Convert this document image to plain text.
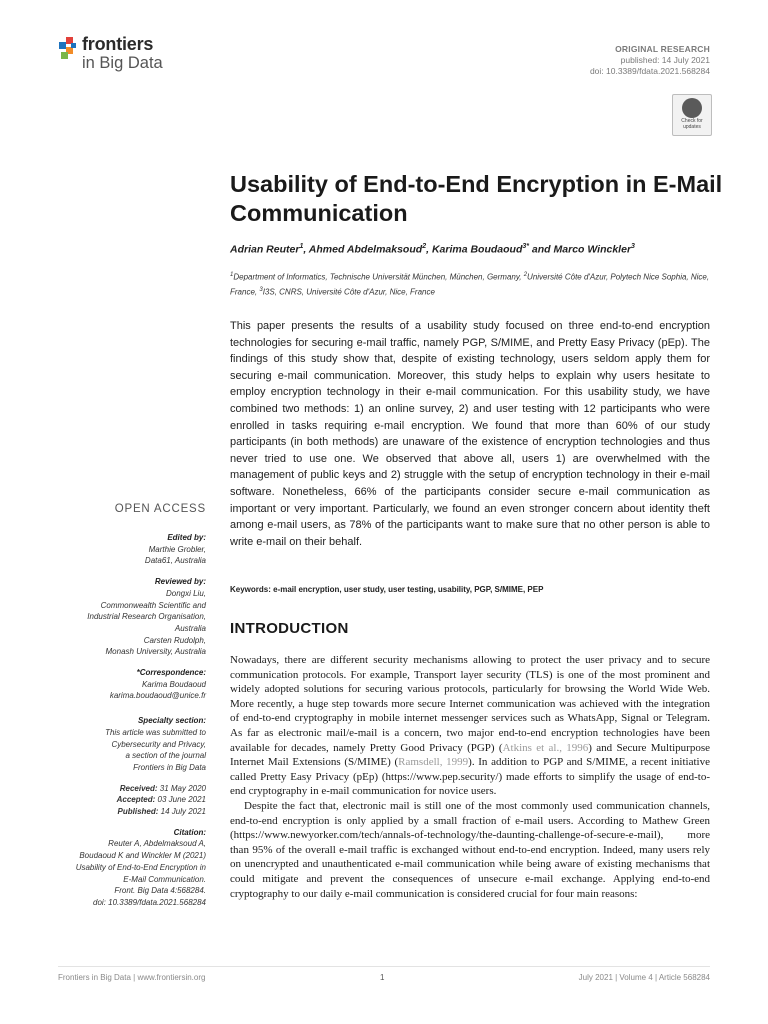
frontiers
in Big Data
ORIGINAL RESEARCH
published: 14 July 2021
doi: 10.3389/fdata.2021.568284
Check for updates
Usability of End-to-End Encryption in E-Mail Communication
Adrian Reuter$^1$, Ahmed Abdelmaksoud$^2$, Karima Boudaoud$^{3*}$ and Marco Winckler$^3$
$^1$Department of Informatics, Technische Universität München, München, Germany, $^2$Université Côte d'Azur, Polytech Nice Sophia, Nice, France, $^3$I3S, CNRS, Université Côte d'Azur, Nice, France
This paper presents the results of a usability study focused on three end-to-end encryption technologies for securing e-mail traffic, namely PGP, S/MIME, and Pretty Easy Privacy (pEp). The findings of this study show that, despite of existing technology, users seldom apply them for securing e-mail communication. Moreover, this study helps to explain why users hesitate to employ encryption technology in their e-mail communication. For this usability study, we have combined two methods: 1) an online survey, 2) and user testing with 12 participants who were enrolled in tasks requiring e-mail encryption. We found that more than 60% of our study participants (in both methods) are unaware of the existence of encryption technologies and thus never tried to use one. We observed that above all, users 1) are overwhelmed with the management of public keys and 2) struggle with the setup of encryption technology in their e-mail software. Nonetheless, 66% of the participants consider secure e-mail communication as important or very important. Particularly, we found an even stronger concern about identity theft among e-mail users, as 78% of the participants want to make sure that no other person is able to write e-mail on their behalf.
Keywords: e-mail encryption, user study, user testing, usability, PGP, S/MIME, PEP
INTRODUCTION

Nowadays, there are different security mechanisms allowing to protect the user privacy and to secure communication protocols. For example, Transport layer security (TLS) is one of the most prominent and widely adopted solutions for securing various protocols, particularly for browsing the World Wide Web. More recently, a huge step towards more secure Internet communication was achieved with the integration of end-to-end cryptography in mobile internet messenger services such as WhatsApp, Signal or Telegram. As far as electronic mail/e-mail is a concern, two major end-to-end encryption technologies have been available for decades, namely Pretty Good Privacy (PGP) (Atkins et al., 1996) and Secure Multipurpose Internet Mail Extensions (S/MIME) (Ramsdell, 1999). In addition to PGP and S/MIME, a recent initiative called Pretty Easy Privacy (pEp) (https://www.pep.security/) made efforts to simplify the usage of end-to-end cryptography in e-mail communication for novice users.

Despite the fact that, electronic mail is still one of the most commonly used communication channels, end-to-end encryption is only applied by a small fraction of e-mail users. According to Mathew Green (https://www.newyorker.com/tech/annals-of-technology/the-daunting-challenge-of-secure-e-mail), more than 95% of the overall e-mail traffic is exchanged without end-to-end encryption. Indeed, many users rely on unencrypted and unauthenticated e-mail communication while being aware of existing mechanisms that could mitigate and prevent the consequences of unsecure e-mail exchange. Applying end-to-end cryptography to our daily e-mail communication is considered crucial for four main reasons:

OPEN ACCESS
Edited by:
Marthie Grobler,
Data61, Australia
Reviewed by:
Dongxi Liu,
Commonwealth Scientific and
Industrial Research Organisation,
Australia
Carsten Rudolph,
Monash University, Australia
*Correspondence:
Karima Boudaoud
karima.boudaoud@unice.fr
Specialty section:
This article was submitted to
Cybersecurity and Privacy,
a section of the journal
Frontiers in Big Data
Received: 31 May 2020
Accepted: 03 June 2021
Published: 14 July 2021
Citation:
Reuter A, Abdelmaksoud A,
Boudaoud K and Winckler M (2021)
Usability of End-to-End Encryption in
E-Mail Communication.
Front. Big Data 4:568284.
doi: 10.3389/fdata.2021.568284
Frontiers in Big Data | www.frontiersin.org	1	July 2021 | Volume 4 | Article 568284
